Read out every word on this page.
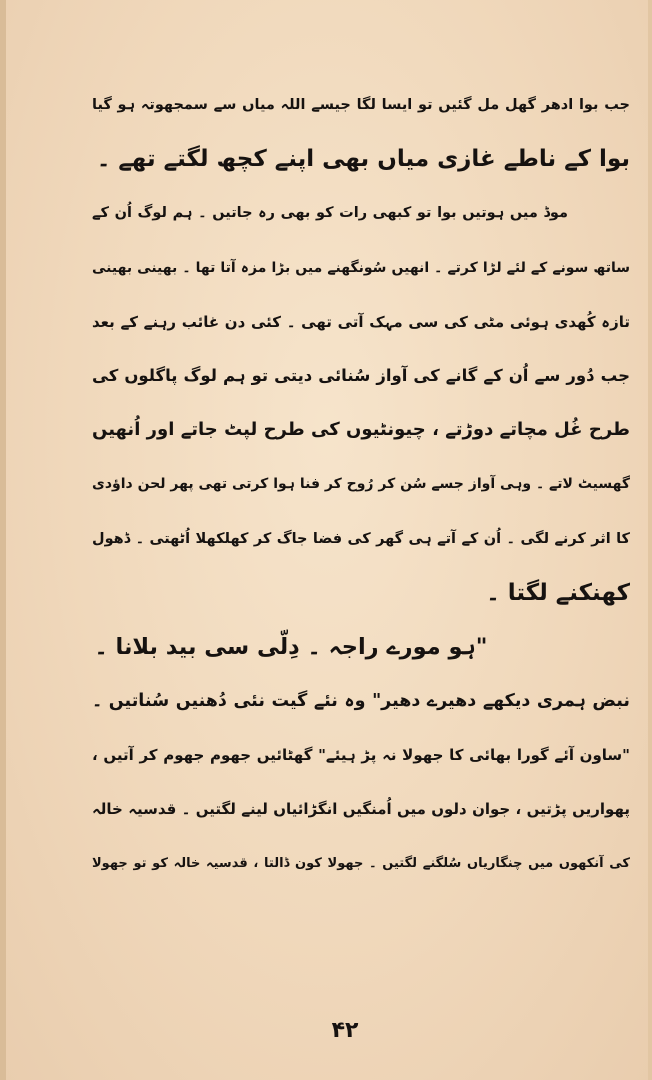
جب بوا ادھر گھل مل گئیں تو ایسا لگا جیسے اللہ میاں سے سمجھوتہ ہو گیا
بوا کے ناطے غازی میاں بھی اپنے کچھ لگتے تھے ۔
موڈ میں ہوتیں بوا تو کبھی رات کو بھی رہ جاتیں ۔ ہم لوگ اُن کے
ساتھ سونے کے لئے لڑا کرتے ۔ انھیں سُونگھنے میں بڑا مزہ آتا تھا ۔ بھینی بھینی
تازہ کُھدی ہوئی مٹی کی سی مہک آتی تھی ۔ کئی دن غائب رہنے کے بعد
جب دُور سے اُن کے گانے کی آواز سُنائی دیتی تو ہم لوگ پاگلوں کی
طرح غُل مچاتے دوڑتے ، چیونٹیوں کی طرح لپٹ جاتے اور اُنھیں
گھسیٹ لاتے ۔ وہی آواز جسے سُن کر رُوح کر فنا ہوا کرتی تھی پھر لحن داؤدی
کا اثر کرنے لگی ۔ اُن کے آتے ہی گھر کی فضا جاگ کر کھلکھلا اُٹھتی ۔ ڈھول
کھنکنے لگتا ۔
"ہو مورے راجہ ۔ دِلّی سی بید بلانا ۔
نبض ہمری دیکھے دھیرے دھیر" وہ نئے گیت نئی دُھنیں سُناتیں ۔
"ساون آئے گورا بھائی کا جھولا نہ پڑ ہیئے" گھٹائیں جھوم جھوم کر آتیں ،
پھواریں پڑتیں ، جوان دلوں میں اُمنگیں انگڑائیاں لینے لگتیں ۔ قدسیہ خالہ
کی آنکھوں میں چنگاریاں سُلگنے لگتیں ۔ جھولا کون ڈالتا ، قدسیہ خالہ کو تو جھولا
۴۲
